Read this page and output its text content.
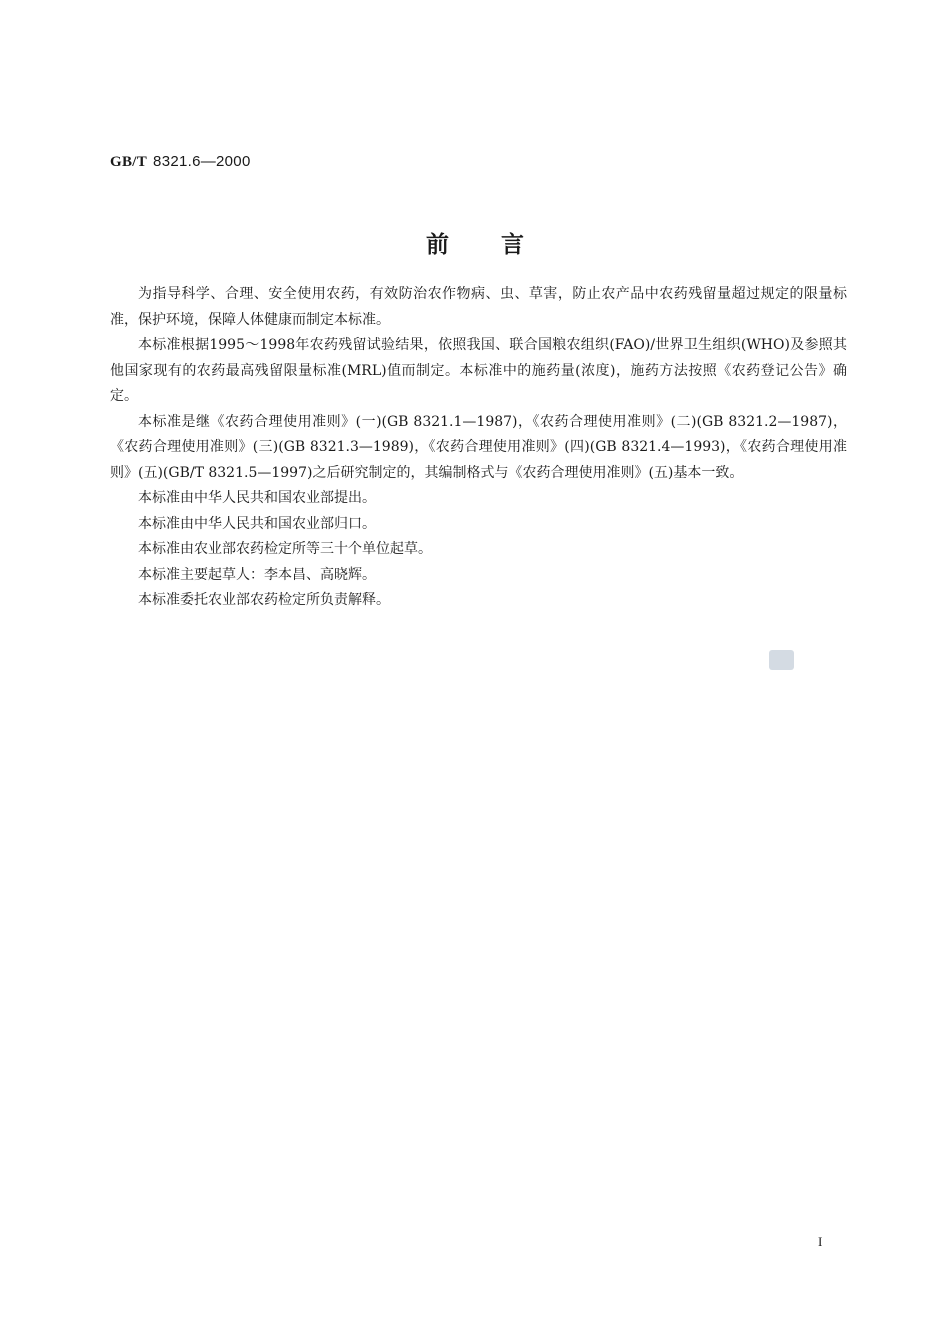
GB/T 8321.6—2000
前言

为指导科学、合理、安全使用农药，有效防治农作物病、虫、草害，防止农产品中农药残留量超过规定的限量标准，保护环境，保障人体健康而制定本标准。

本标准根据1995～1998年农药残留试验结果，依照我国、联合国粮农组织(FAO)/世界卫生组织(WHO)及参照其他国家现有的农药最高残留限量标准(MRL)值而制定。本标准中的施药量(浓度)，施药方法按照《农药登记公告》确定。

本标准是继《农药合理使用准则》(一)(GB 8321.1—1987)，《农药合理使用准则》(二)(GB 8321.2—1987)，《农药合理使用准则》(三)(GB 8321.3—1989)，《农药合理使用准则》(四)(GB 8321.4—1993)，《农药合理使用准则》(五)(GB/T 8321.5—1997)之后研究制定的，其编制格式与《农药合理使用准则》(五)基本一致。

本标准由中华人民共和国农业部提出。

本标准由中华人民共和国农业部归口。

本标准由农业部农药检定所等三十个单位起草。

本标准主要起草人：李本昌、高晓辉。

本标准委托农业部农药检定所负责解释。

I
